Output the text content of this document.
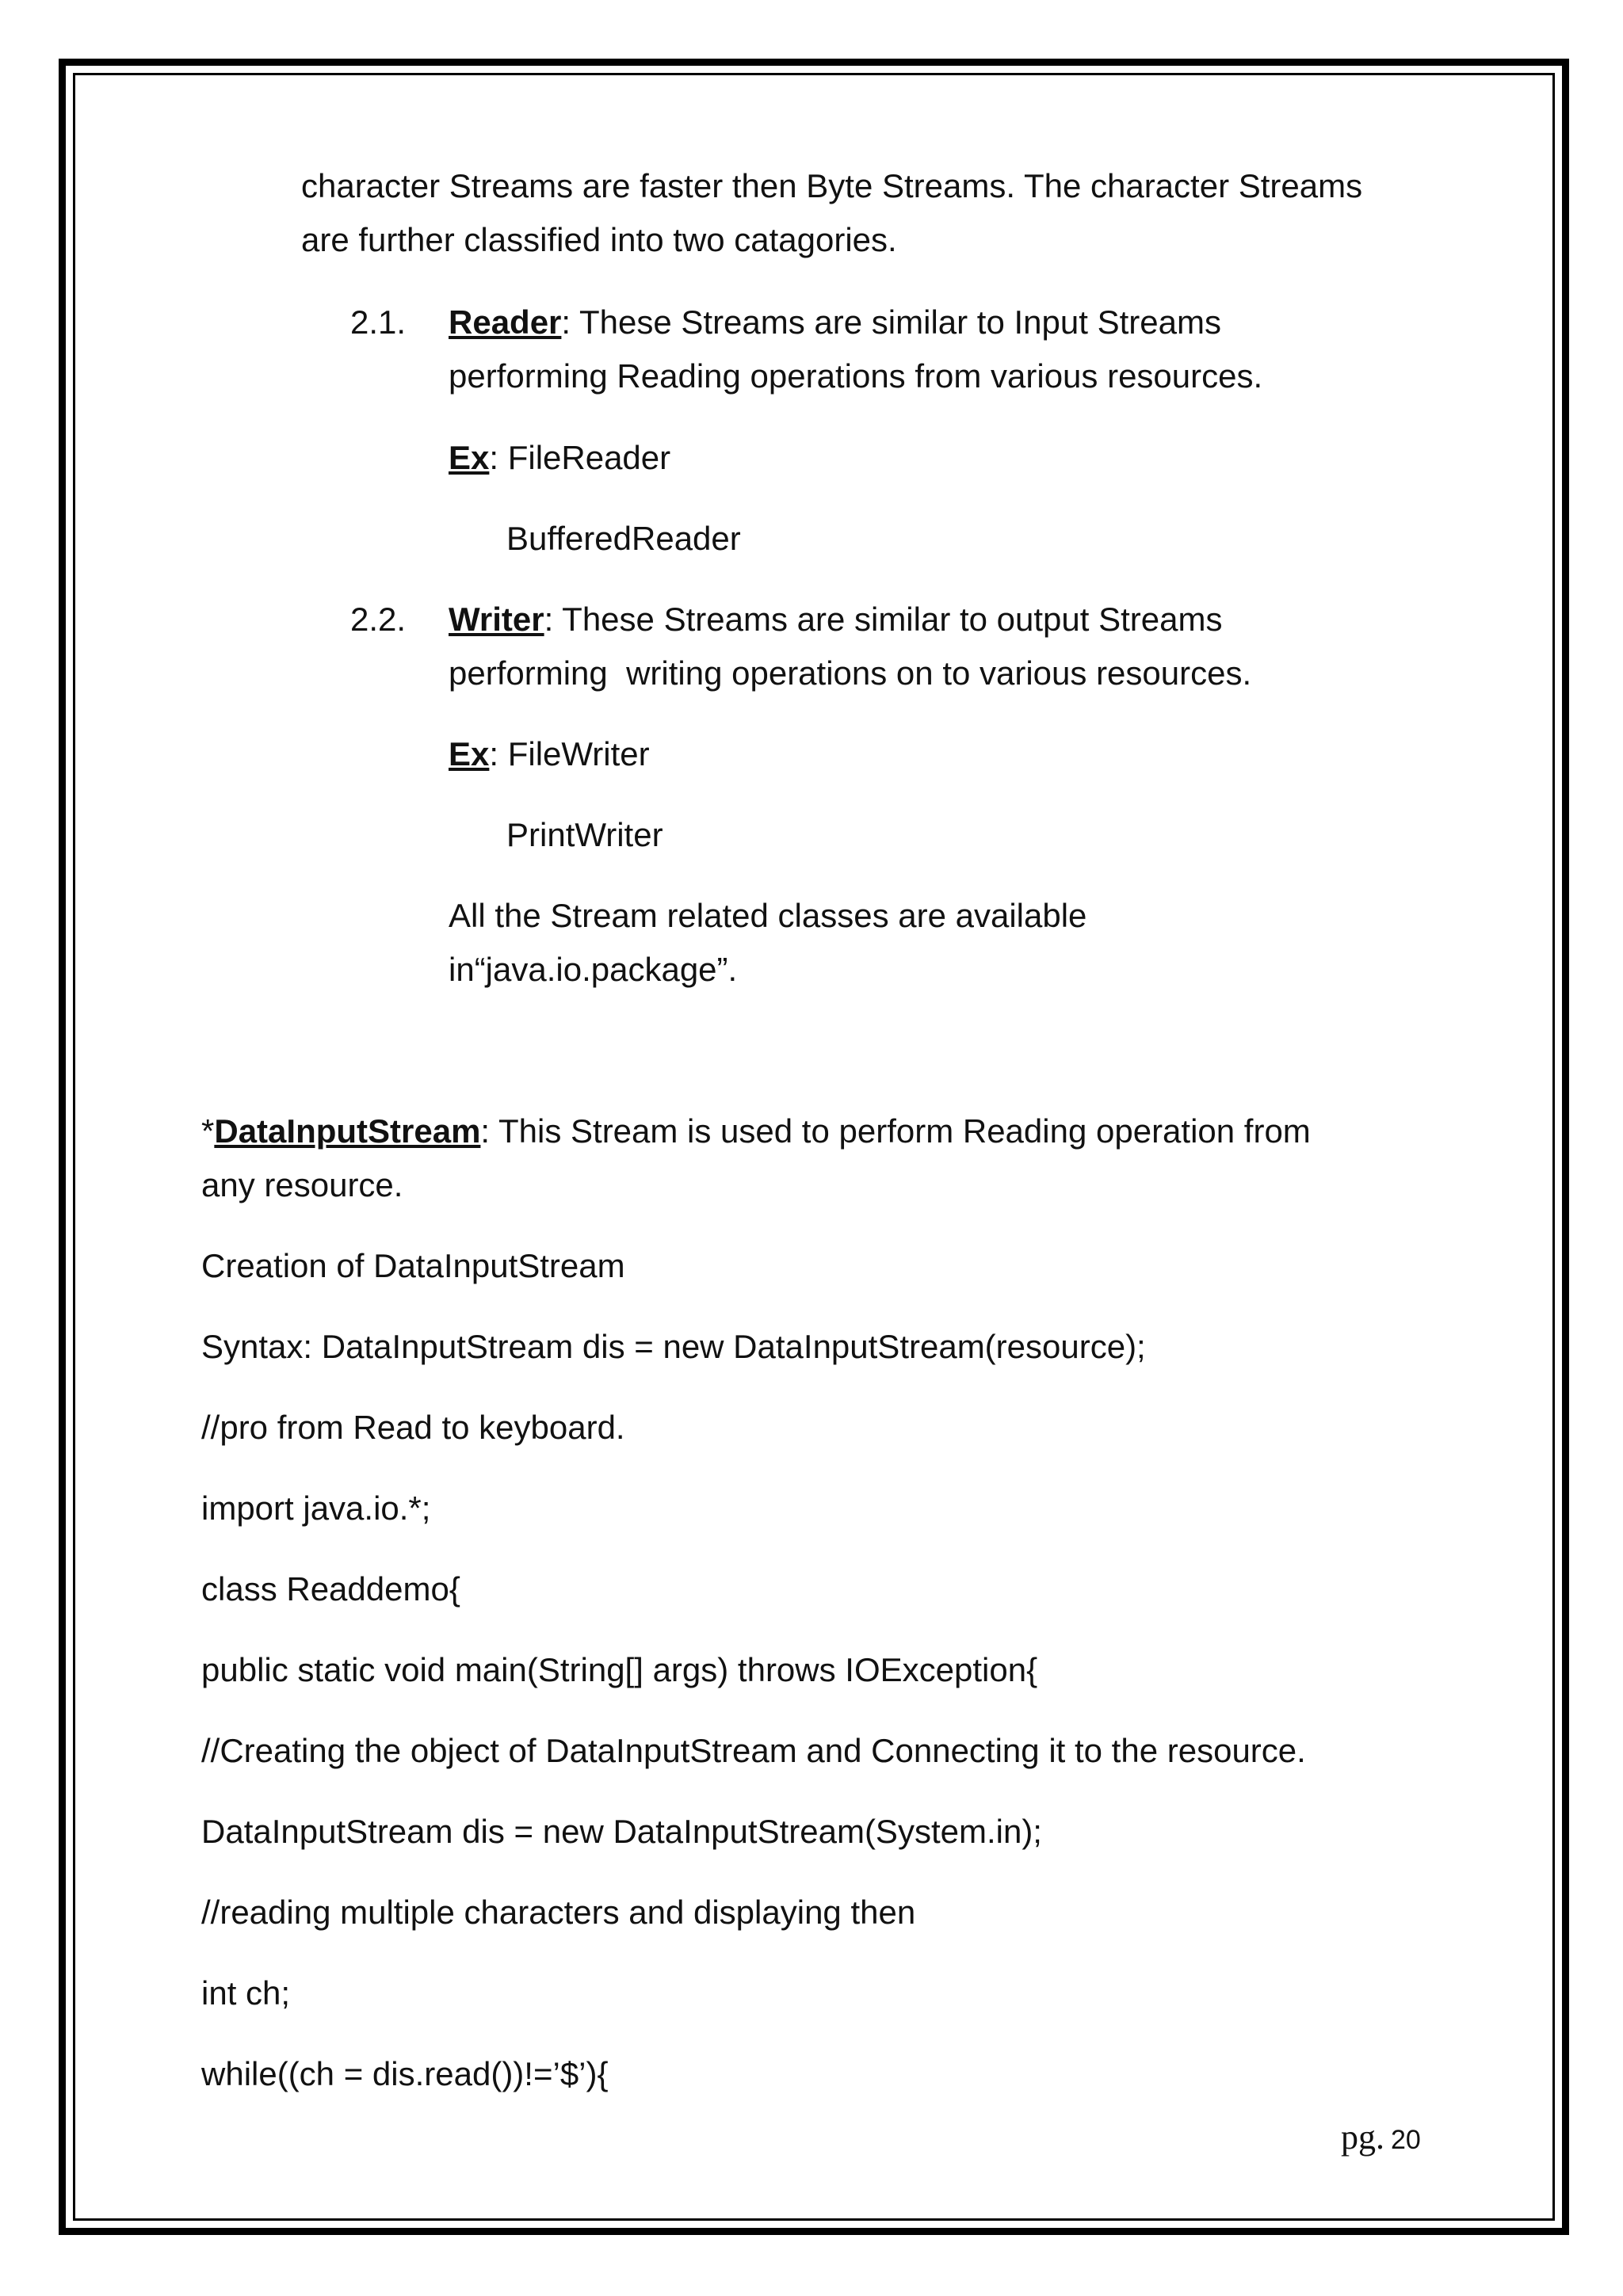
character Streams are faster then Byte Streams. The character Streams
are further classified into two catagories.
2.1. Reader: These Streams are similar to Input Streams
performing Reading operations from various resources.
Ex: FileReader
BufferedReader
2.2. Writer: These Streams are similar to output Streams
performing  writing operations on to various resources.
Ex: FileWriter
PrintWriter
All the Stream related classes are available
in“java.io.package”.
*DataInputStream: This Stream is used to perform Reading operation from
any resource.
Creation of DataInputStream
Syntax: DataInputStream dis = new DataInputStream(resource);
//pro from Read to keyboard.
import java.io.*;
class Readdemo{
public static void main(String[] args) throws IOException{
//Creating the object of DataInputStream and Connecting it to the resource.
DataInputStream dis = new DataInputStream(System.in);
//reading multiple characters and displaying then
int ch;
while((ch = dis.read())!=’$’){
pg. 20
